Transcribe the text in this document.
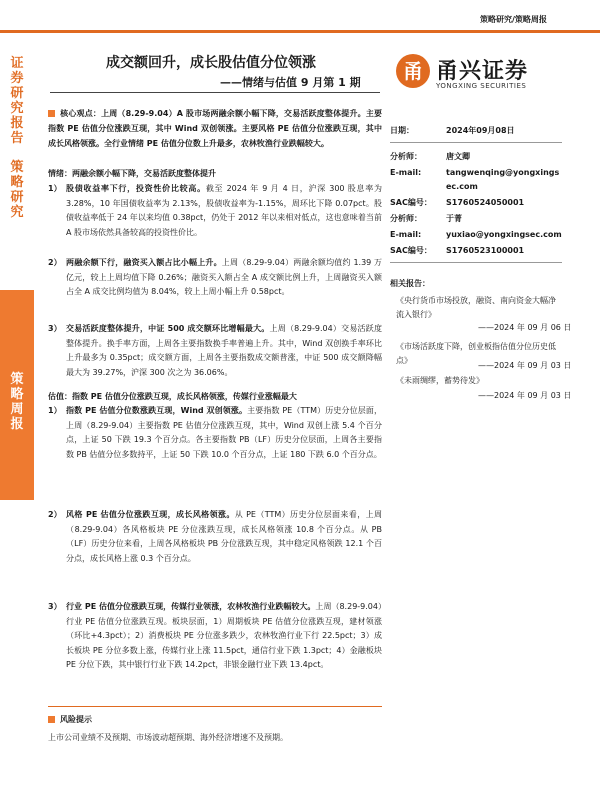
策略研究/策略周报
证券研究报告
策略研究
策略周报
成交额回升，成长股估值分位领涨
——情绪与估值 9 月第 1 期	甬 甬兴证券
YONGXING SECURITIES
核心观点：上周（8.29-9.04）A 股市场两融余额小幅下降，交易活跃度整体提升。主要指数 PE 估值分位涨跌互现，其中 Wind 双创领涨。主要风格 PE 估值分位涨跌互现，其中成长风格领涨。全行业情绪 PE 估值分位数上升最多，农林牧渔行业跌幅较大。
情绪：两融余额小幅下降，交易活跃度整体提升
1） 股债收益率下行，投资性价比较高。截至 2024 年 9 月 4 日，沪深 300 股息率为 3.28%，10 年国债收益率为 2.13%，股债收益率为-1.15%，周环比下降 0.07pct。股债收益率低于 24 年以来均值 0.38pct，仍处于 2012 年以来相对低点，这也意味着当前 A 股市场依然具备较高的投资性价比。
2） 两融余额下行，融资买入额占比小幅上升。上周（8.29-9.04）两融余额均值约 1.39 万亿元，较上上周均值下降 0.26%；融资买入额占全 A 成交额比例上升，上周融资买入额占全 A 成交比例均值为 8.04%，较上上周小幅上升 0.58pct。
3） 交易活跃度整体提升，中证 500 成交额环比增幅最大。上周（8.29-9.04）交易活跃度整体提升。换手率方面，上周各主要指数换手率普遍上升。其中，Wind 双创换手率环比上升最多为 0.35pct；成交额方面，上周各主要指数成交额普涨，中证 500 成交额降幅最大为 39.27%，沪深 300 次之为 36.06%。
估值：指数 PE 估值分位涨跌互现，成长风格领涨，传媒行业涨幅最大
1） 指数 PE 估值分位数涨跌互现，Wind 双创领涨。主要指数 PE（TTM）历史分位层面，上周（8.29-9.04）主要指数 PE 估值分位涨跌互现，其中，Wind 双创上涨 5.4 个百分点，上证 50 下跌 19.3 个百分点。各主要指数 PB（LF）历史分位层面，上周各主要指数 PB 估值分位多数持平，上证 50 下跌 10.0 个百分点，上证 180 下跌 6.0 个百分点。
2） 风格 PE 估值分位涨跌互现，成长风格领涨。从 PE（TTM）历史分位层面来看，上周（8.29-9.04）各风格板块 PE 分位涨跌互现，成长风格领涨 10.8 个百分点。从 PB（LF）历史分位来看，上周各风格板块 PB 分位涨跌互现，其中稳定风格领跌 12.1 个百分点，成长风格上涨 0.3 个百分点。
3） 行业 PE 估值分位涨跌互现，传媒行业领涨，农林牧渔行业跌幅较大。上周（8.29-9.04）行业 PE 估值分位涨跌互现。板块层面，1）周期板块 PE 估值分位涨跌互现，建材领涨（环比+4.3pct）；2）消费板块 PE 分位涨多跌少，农林牧渔行业下行 22.5pct；3）成长板块 PE 分位多数上涨，传媒行业上涨 11.5pct，通信行业下跌 1.3pct；4）金融板块 PE 分位下跌，其中银行行业下跌 14.2pct，非银金融行业下跌 13.4pct。
风险提示
上市公司业绩不及预期、市场波动超预期、海外经济增速不及预期。
日期：	2024年09月08日
分析师：	唐文卿
E-mail:	tangwenqing@yongxingsec.com
SAC编号： S1760524050001
分析师：	于菁
E-mail:	yuxiao@yongxingsec.com
SAC编号： S1760523100001
相关报告：
《央行货币市场投放，融资、南向资金大幅净流入银行》
——2024 年 09 月 06 日
《市场活跃度下降，创业板指估值分位历史低点》
——2024 年 09 月 03 日
《未雨绸缪，蓄势待发》
——2024 年 09 月 03 日
